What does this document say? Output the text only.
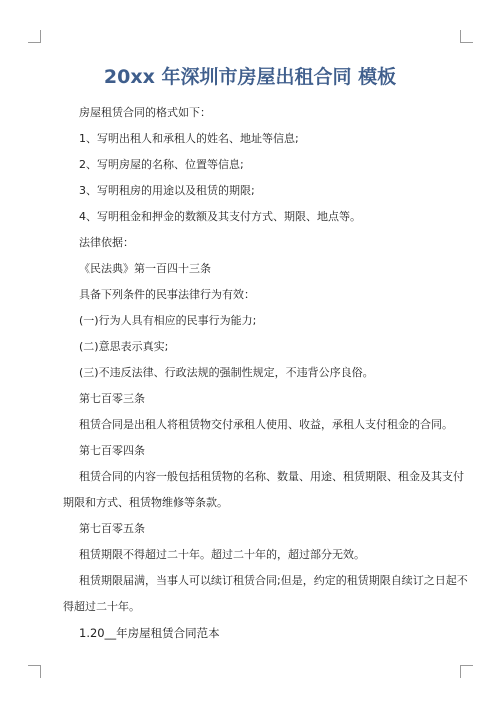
20xx 年深圳市房屋出租合同 模板

房屋租赁合同的格式如下：

1、写明出租人和承租人的姓名、地址等信息;

2、写明房屋的名称、位置等信息;

3、写明租房的用途以及租赁的期限;

4、写明租金和押金的数额及其支付方式、期限、地点等。

法律依据：

《民法典》第一百四十三条

具备下列条件的民事法律行为有效：

(一)行为人具有相应的民事行为能力;

(二)意思表示真实;

(三)不违反法律、行政法规的强制性规定，不违背公序良俗。

第七百零三条

租赁合同是出租人将租赁物交付承租人使用、收益，承租人支付租金的合同。

第七百零四条

租赁合同的内容一般包括租赁物的名称、数量、用途、租赁期限、租金及其支付

期限和方式、租赁物维修等条款。

第七百零五条

租赁期限不得超过二十年。超过二十年的，超过部分无效。

租赁期限届满，当事人可以续订租赁合同;但是，约定的租赁期限自续订之日起不

得超过二十年。

1.20__年房屋租赁合同范本
